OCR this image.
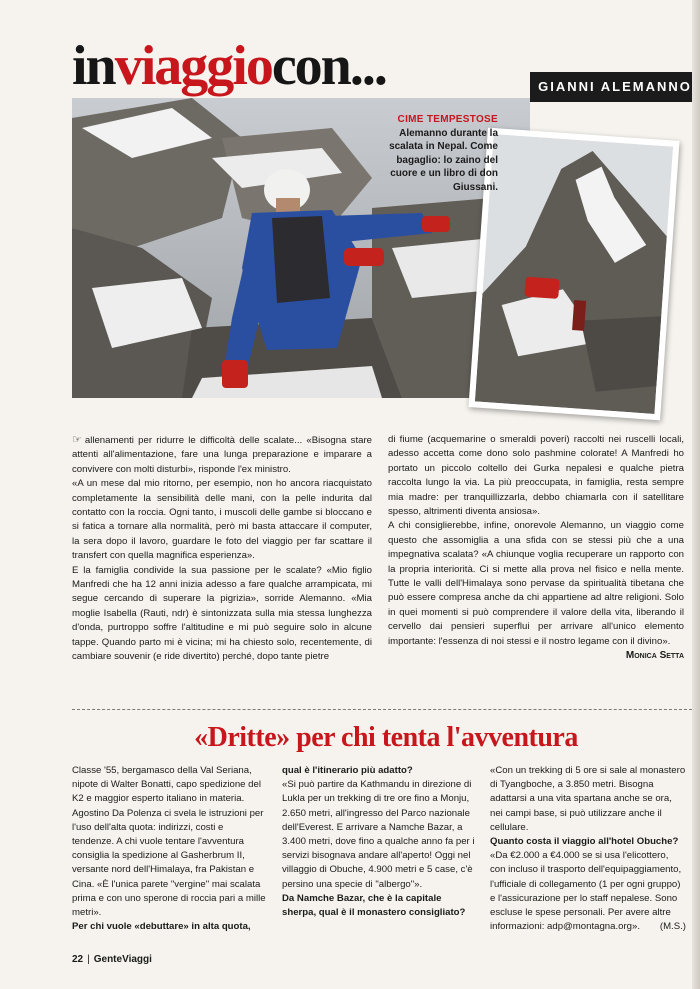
inviaggiocon...	GIANNI ALEMANNO
CIME TEMPESTOSE
Alemanno durante la scalata in Nepal. Come bagaglio: lo zaino del cuore e un libro di don Giussani.

☞ allenamenti per ridurre le difficoltà delle scalate... «Bisogna stare attenti all'alimentazione, fare una lunga preparazione e imparare a convivere con molti disturbi», risponde l'ex ministro.

«A un mese dal mio ritorno, per esempio, non ho ancora riacquistato completamente la sensibilità delle mani, con la pelle indurita dal contatto con la roccia. Ogni tanto, i muscoli delle gambe si bloccano e si fatica a tornare alla normalità, però mi basta attaccare il computer, la sera dopo il lavoro, guardare le foto del viaggio per far scattare il transfert con quella magnifica esperienza».

E la famiglia condivide la sua passione per le scalate? «Mio figlio Manfredi che ha 12 anni inizia adesso a fare qualche arrampicata, mi segue cercando di superare la pigrizia», sorride Alemanno. «Mia moglie Isabella (Rauti, ndr) è sintonizzata sulla mia stessa lunghezza d'onda, purtroppo soffre l'altitudine e mi può seguire solo in alcune tappe. Quando parto mi è vicina; mi ha chiesto solo, recentemente, di cambiare souvenir (e ride divertito) perché, dopo tante pietre

di fiume (acquemarine o smeraldi poveri) raccolti nei ruscelli locali, adesso accetta come dono solo pashmine colorate! A Manfredi ho portato un piccolo coltello dei Gurka nepalesi e qualche pietra raccolta lungo la via. La più preoccupata, in famiglia, resta sempre mia madre: per tranquillizzarla, debbo chiamarla con il satellitare spesso, altrimenti diventa ansiosa».

A chi consiglierebbe, infine, onorevole Alemanno, un viaggio come questo che assomiglia a una sfida con se stessi più che a una impegnativa scalata? «A chiunque voglia recuperare un rapporto con la propria interiorità. Ci si mette alla prova nel fisico e nella mente. Tutte le valli dell'Himalaya sono pervase da spiritualità tibetana che può essere compresa anche da chi appartiene ad altre religioni. Solo in quei momenti si può comprendere il valore della vita, liberando il cervello dai pensieri superflui per arrivare all'unico elemento importante: l'essenza di noi stessi e il nostro legame con il divino».

Monica Setta

«Dritte» per chi tenta l'avventura

Classe '55, bergamasco della Val Seriana, nipote di Walter Bonatti, capo spedizione del K2 e maggior esperto italiano in materia. Agostino Da Polenza ci svela le istruzioni per l'uso dell'alta quota: indirizzi, costi e tendenze. A chi vuole tentare l'avventura consiglia la spedizione al Gasherbrum II, versante nord dell'Himalaya, fra Pakistan e Cina. «È l'unica parete "vergine" mai scalata prima e con uno sperone di roccia pari a mille metri».

Per chi vuole «debuttare» in alta quota,

qual è l'itinerario più adatto?

«Si può partire da Kathmandu in direzione di Lukla per un trekking di tre ore fino a Monju, 2.650 metri, all'ingresso del Parco nazionale dell'Everest. E arrivare a Namche Bazar, a 3.400 metri, dove fino a qualche anno fa per i servizi bisognava andare all'aperto! Oggi nel villaggio di Obuche, 4.900 metri e 5 case, c'è persino una specie di "albergo"».

Da Namche Bazar, che è la capitale sherpa, qual è il monastero consigliato?

«Con un trekking di 5 ore si sale al monastero di Tyangboche, a 3.850 metri. Bisogna adattarsi a una vita spartana anche se ora, nei campi base, si può utilizzare anche il cellulare.

Quanto costa il viaggio all'hotel Obuche?

«Da €2.000 a €4.000 se si usa l'elicottero, con incluso il trasporto dell'equipaggiamento, l'ufficiale di collegamento (1 per ogni gruppo) e l'assicurazione per lo staff nepalese. Sono escluse le spese personali. Per avere altre informazioni: adp@montagna.org». (M.S.)

22 | GenteViaggi
